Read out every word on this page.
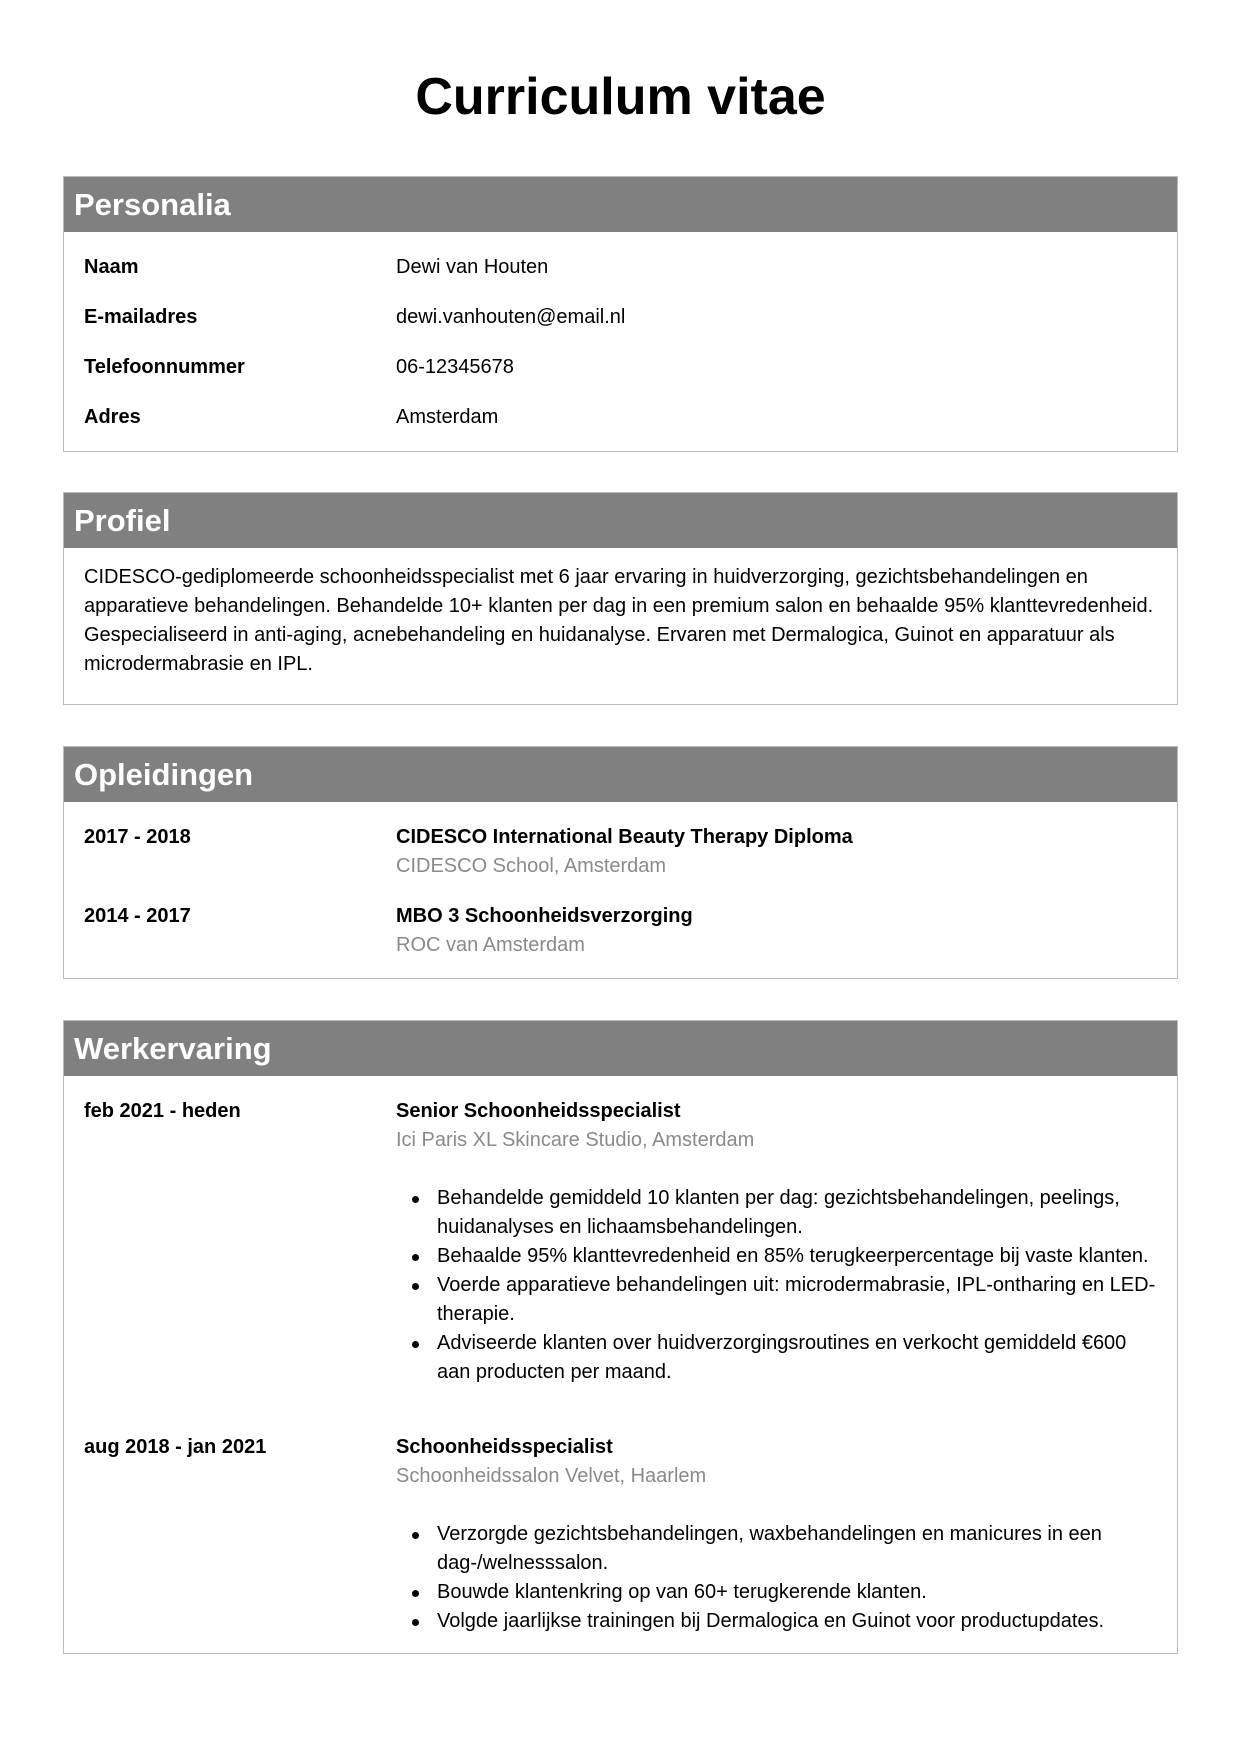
Curriculum vitae
Personalia
Naam	Dewi van Houten
E-mailadres	dewi.vanhouten@email.nl
Telefoonnummer	06-12345678
Adres	Amsterdam
Profiel
CIDESCO-gediplomeerde schoonheidsspecialist met 6 jaar ervaring in huidverzorging, gezichtsbehandelingen en apparatieve behandelingen. Behandelde 10+ klanten per dag in een premium salon en behaalde 95% klanttevredenheid. Gespecialiseerd in anti-aging, acnebehandeling en huidanalyse. Ervaren met Dermalogica, Guinot en apparatuur als microdermabrasie en IPL.
Opleidingen
2017 - 2018	CIDESCO International Beauty Therapy Diploma
CIDESCO School, Amsterdam
2014 - 2017	MBO 3 Schoonheidsverzorging
ROC van Amsterdam
Werkervaring
feb 2021 - heden	Senior Schoonheidsspecialist
Ici Paris XL Skincare Studio, Amsterdam
Behandelde gemiddeld 10 klanten per dag: gezichtsbehandelingen, peelings, huidanalyses en lichaamsbehandelingen.
Behaalde 95% klanttevredenheid en 85% terugkeerpercentage bij vaste klanten.
Voerde apparatieve behandelingen uit: microdermabrasie, IPL-ontharing en LED-therapie.
Adviseerde klanten over huidverzorgingsroutines en verkocht gemiddeld €600 aan producten per maand.
aug 2018 - jan 2021	Schoonheidsspecialist
Schoonheidssalon Velvet, Haarlem
Verzorgde gezichtsbehandelingen, waxbehandelingen en manicures in een dag-/welnesssalon.
Bouwde klantenkring op van 60+ terugkerende klanten.
Volgde jaarlijkse trainingen bij Dermalogica en Guinot voor productupdates.
